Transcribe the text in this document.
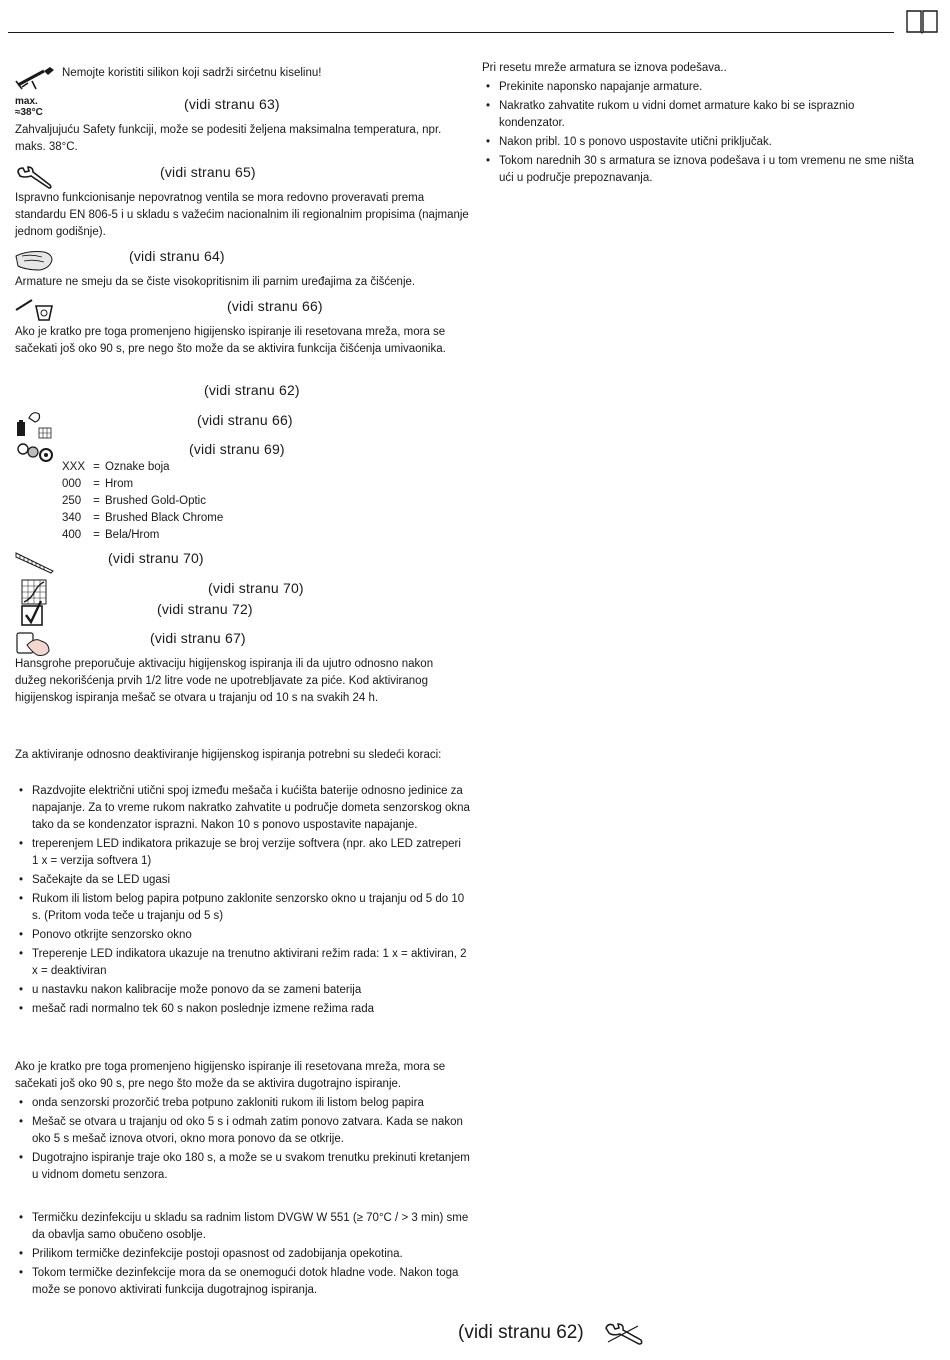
Nemojte koristiti silikon koji sadrži sirćetnu kiselinu!
max.
≈38°C
(vidi stranu 63)
Zahvaljujuću Safety funkciji, može se podesiti željena maksimalna temperatura, npr. maks. 38°C.
(vidi stranu 65)
Ispravno funkcionisanje nepovratnog ventila se mora redovno proveravati prema standardu EN 806-5 i u skladu s važećim nacionalnim ili regionalnim propisima (najmanje jednom godišnje).
(vidi stranu 64)
Armature ne smeju da se čiste visokopritisnim ili parnim uređajima za čišćenje.
(vidi stranu 66)
Ako je kratko pre toga promenjeno higijensko ispiranje ili resetovana mreža, mora se sačekati još oko 90 s, pre nego što može da se aktivira funkcija čišćenja umivaonika.
(vidi stranu 62)
(vidi stranu 66)
(vidi stranu 69)
XXX = Oznake boja
000	= Hrom
250	= Brushed Gold-Optic
340	= Brushed Black Chrome
400	= Bela/Hrom
(vidi stranu 70)
(vidi stranu 70)
(vidi stranu 72)
(vidi stranu 67)
Hansgrohe preporučuje aktivaciju higijenskog ispiranja ili da ujutro odnosno nakon dužeg nekorišćenja prvih 1/2 litre vode ne upotrebljavate za piće. Kod aktiviranog higijenskog ispiranja mešač se otvara u trajanju od 10 s na svakih 24 h.
Za aktiviranje odnosno deaktiviranje higijenskog ispiranja potrebni su sledeći koraci:
• Razdvojite električni utični spoj između mešača i kućišta baterije odnosno jedinice za napajanje. Za to vreme rukom nakratko zahvatite u područje dometa senzorskog okna tako da se kondenzator isprazni. Nakon 10 s ponovo uspostavite napajanje.
• treperenjem LED indikatora prikazuje se broj verzije softvera (npr. ako LED zatreperi 1 x = verzija softvera 1)
• Sačekajte da se LED ugasi
• Rukom ili listom belog papira potpuno zaklonite senzorsko okno u trajanju od 5 do 10 s. (Pritom voda teče u trajanju od 5 s)
• Ponovo otkrijte senzorsko okno
• Treperenje LED indikatora ukazuje na trenutno aktivirani režim rada: 1 x = aktiviran, 2 x = deaktiviran
• u nastavku nakon kalibracije može ponovo da se zameni baterija
• mešač radi normalno tek 60 s nakon poslednje izmene režima rada
Ako je kratko pre toga promenjeno higijensko ispiranje ili resetovana mreža, mora se sačekati još oko 90 s, pre nego što može da se aktivira dugotrajno ispiranje.
• onda senzorski prozorčić treba potpuno zakloniti rukom ili listom belog papira
• Mešač se otvara u trajanju od oko 5 s i odmah zatim ponovo zatvara. Kada se nakon oko 5 s mešač iznova otvori, okno mora ponovo da se otkrije.
• Dugotrajno ispiranje traje oko 180 s, a može se u svakom trenutku prekinuti kretanjem u vidnom dometu senzora.
• Termičku dezinfekciju u skladu sa radnim listom DVGW W 551 (≥ 70°C / > 3 min) sme da obavlja samo obučeno osoblje.
• Prilikom termičke dezinfekcije postoji opasnost od zadobijanja opekotina.
• Tokom termičke dezinfekcije mora da se onemogući dotok hladne vode. Nakon toga može se ponovo aktivirati funkcija dugotrajnog ispiranja.
Pri resetu mreže armatura se iznova podešava..
• Prekinite naponsko napajanje armature.
• Nakratko zahvatite rukom u vidni domet armature kako bi se ispraznio kondenzator.
• Nakon pribl. 10 s ponovo uspostavite utični priključak.
• Tokom narednih 30 s armatura se iznova podešava i u tom vremenu ne sme ništa ući u područje prepoznavanja.
(vidi stranu 62)
